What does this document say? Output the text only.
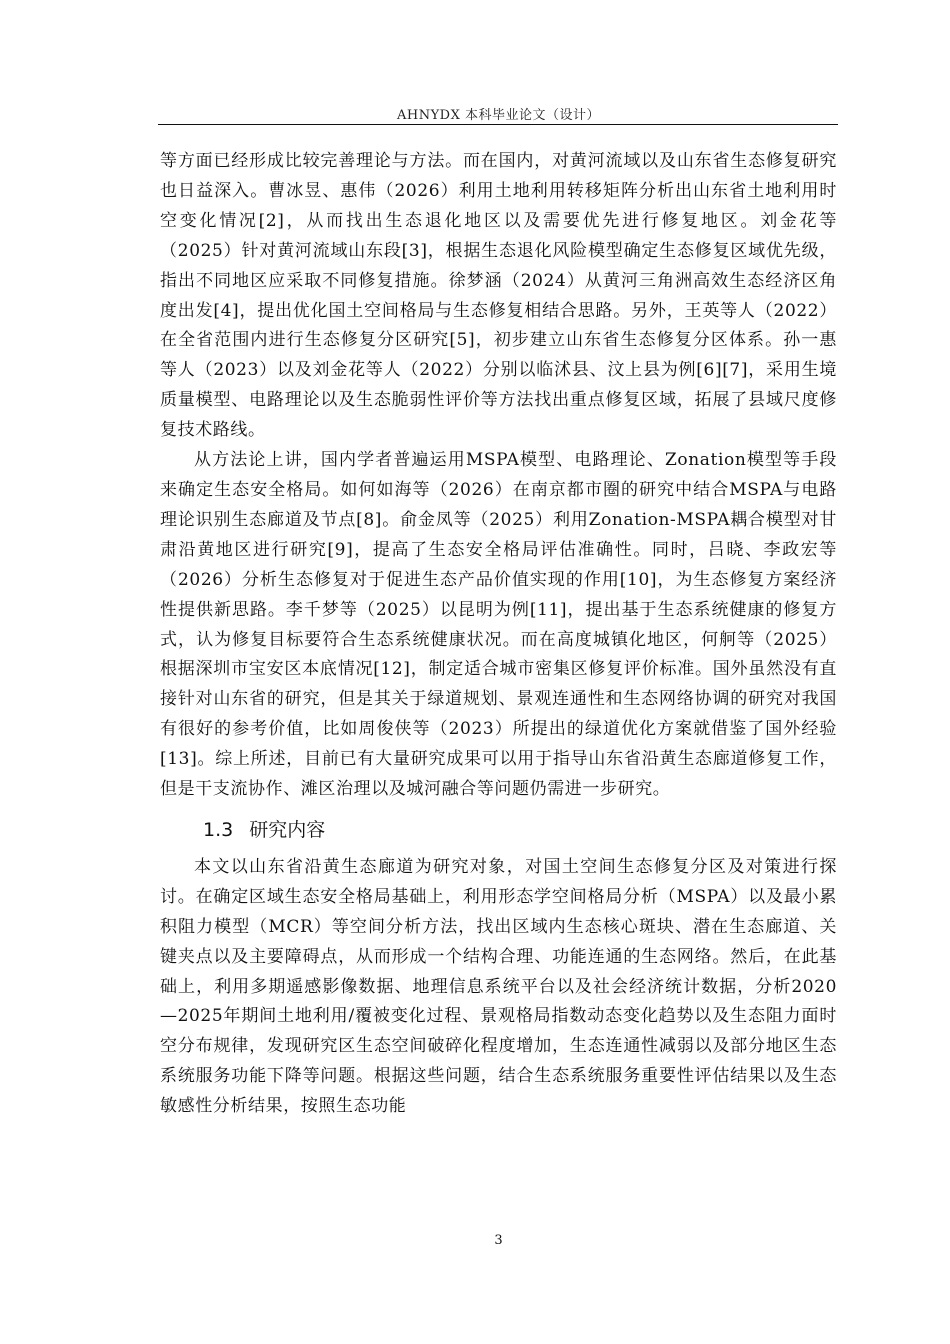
AHNYDX 本科毕业论文（设计）

等方面已经形成比较完善理论与方法。而在国内，对黄河流域以及山东省生态修复研究也日益深入。曹冰昱、惠伟（2026）利用土地利用转移矩阵分析出山东省土地利用时空变化情况[2]，从而找出生态退化地区以及需要优先进行修复地区。刘金花等（2025）针对黄河流域山东段[3]，根据生态退化风险模型确定生态修复区域优先级，指出不同地区应采取不同修复措施。徐梦涵（2024）从黄河三角洲高效生态经济区角度出发[4]，提出优化国土空间格局与生态修复相结合思路。另外，王英等人（2022）在全省范围内进行生态修复分区研究[5]，初步建立山东省生态修复分区体系。孙一惠等人（2023）以及刘金花等人（2022）分别以临沭县、汶上县为例[6][7]，采用生境质量模型、电路理论以及生态脆弱性评价等方法找出重点修复区域，拓展了县域尺度修复技术路线。

从方法论上讲，国内学者普遍运用MSPA模型、电路理论、Zonation模型等手段来确定生态安全格局。如何如海等（2026）在南京都市圈的研究中结合MSPA与电路理论识别生态廊道及节点[8]。俞金凤等（2025）利用Zonation-MSPA耦合模型对甘肃沿黄地区进行研究[9]，提高了生态安全格局评估准确性。同时，吕晓、李政宏等（2026）分析生态修复对于促进生态产品价值实现的作用[10]，为生态修复方案经济性提供新思路。李千梦等（2025）以昆明为例[11]，提出基于生态系统健康的修复方式，认为修复目标要符合生态系统健康状况。而在高度城镇化地区，何舸等（2025）根据深圳市宝安区本底情况[12]，制定适合城市密集区修复评价标准。国外虽然没有直接针对山东省的研究，但是其关于绿道规划、景观连通性和生态网络协调的研究对我国有很好的参考价值，比如周俊侠等（2023）所提出的绿道优化方案就借鉴了国外经验[13]。综上所述，目前已有大量研究成果可以用于指导山东省沿黄生态廊道修复工作，但是干支流协作、滩区治理以及城河融合等问题仍需进一步研究。

1.3 研究内容

本文以山东省沿黄生态廊道为研究对象，对国土空间生态修复分区及对策进行探讨。在确定区域生态安全格局基础上，利用形态学空间格局分析（MSPA）以及最小累积阻力模型（MCR）等空间分析方法，找出区域内生态核心斑块、潜在生态廊道、关键夹点以及主要障碍点，从而形成一个结构合理、功能连通的生态网络。然后，在此基础上，利用多期遥感影像数据、地理信息系统平台以及社会经济统计数据，分析2020—2025年期间土地利用/覆被变化过程、景观格局指数动态变化趋势以及生态阻力面时空分布规律，发现研究区生态空间破碎化程度增加，生态连通性减弱以及部分地区生态系统服务功能下降等问题。根据这些问题，结合生态系统服务重要性评估结果以及生态敏感性分析结果，按照生态功能

3
